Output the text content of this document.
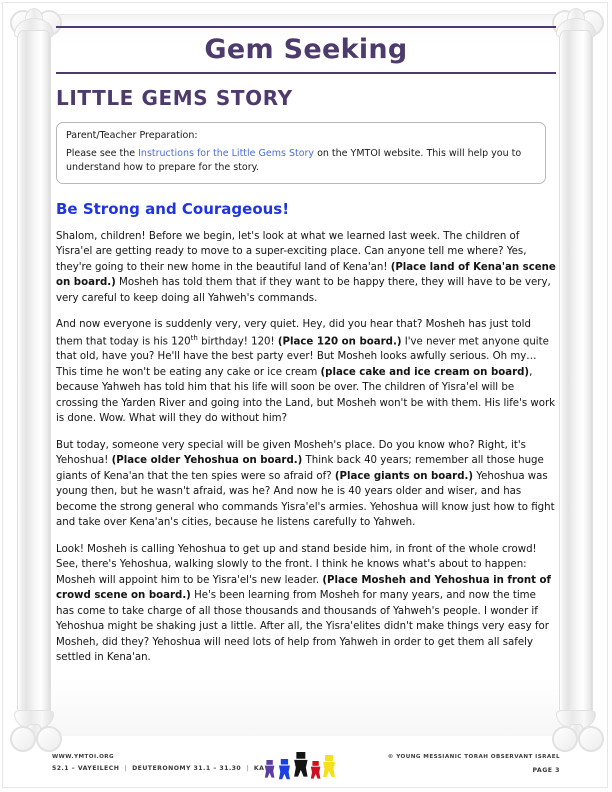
Gem Seeking
LITTLE GEMS STORY
Parent/Teacher Preparation:
Please see the Instructions for the Little Gems Story on the YMTOI website. This will help you to understand how to prepare for the story.
Be Strong and Courageous!
Shalom, children! Before we begin, let's look at what we learned last week. The children of Yisra'el are getting ready to move to a super-exciting place. Can anyone tell me where? Yes, they're going to their new home in the beautiful land of Kena'an! (Place land of Kena'an scene on board.) Mosheh has told them that if they want to be happy there, they will have to be very, very careful to keep doing all Yahweh's commands.
And now everyone is suddenly very, very quiet. Hey, did you hear that? Mosheh has just told them that today is his 120th birthday! 120! (Place 120 on board.) I've never met anyone quite that old, have you? He'll have the best party ever! But Mosheh looks awfully serious. Oh my… This time he won't be eating any cake or ice cream (place cake and ice cream on board), because Yahweh has told him that his life will soon be over. The children of Yisra'el will be crossing the Yarden River and going into the Land, but Mosheh won't be with them. His life's work is done. Wow. What will they do without him?
But today, someone very special will be given Mosheh's place. Do you know who? Right, it's Yehoshua! (Place older Yehoshua on board.) Think back 40 years; remember all those huge giants of Kena'an that the ten spies were so afraid of? (Place giants on board.) Yehoshua was young then, but he wasn't afraid, was he? And now he is 40 years older and wiser, and has become the strong general who commands Yisra'el's armies. Yehoshua will know just how to fight and take over Kena'an's cities, because he listens carefully to Yahweh.
Look! Mosheh is calling Yehoshua to get up and stand beside him, in front of the whole crowd! See, there's Yehoshua, walking slowly to the front. I think he knows what's about to happen: Mosheh will appoint him to be Yisra'el's new leader. (Place Mosheh and Yehoshua in front of crowd scene on board.) He's been learning from Mosheh for many years, and now the time has come to take charge of all those thousands and thousands of Yahweh's people. I wonder if Yehoshua might be shaking just a little. After all, the Yisra'elites didn't make things very easy for Mosheh, did they? Yehoshua will need lots of help from Yahweh in order to get them all safely settled in Kena'an.
WWW.YMTOI.ORG
52.1 – VAYEILECH | DEUTERONOMY 31.1 – 31.30 | KA
© YOUNG MESSIANIC TORAH OBSERVANT ISRAEL
PAGE 3
